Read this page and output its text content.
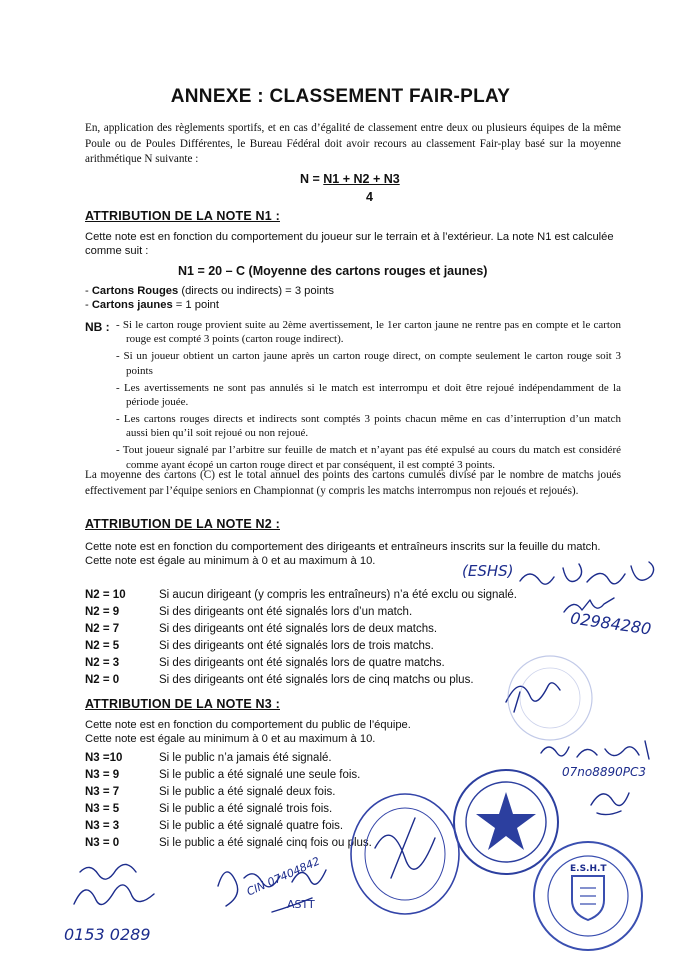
ANNEXE : CLASSEMENT FAIR-PLAY
En, application des règlements sportifs, et en cas d’égalité de classement entre deux ou plusieurs équipes de la même Poule ou de Poules Différentes, le Bureau Fédéral doit avoir recours au classement Fair-play basé sur la moyenne arithmétique N suivante :
N = N1 + N2 + N3
4
ATTRIBUTION DE LA NOTE N1 :
Cette note est en fonction du comportement du joueur sur le terrain et à l’extérieur. La note N1 est calculée comme suit :
N1 = 20 – C (Moyenne des cartons rouges et jaunes)
- Cartons Rouges (directs ou indirects) = 3 points
- Cartons jaunes = 1 point
NB : - Si le carton rouge provient suite au 2ème avertissement, le 1er carton jaune ne rentre pas en compte et le carton rouge est compté 3 points (carton rouge indirect).
- Si un joueur obtient un carton jaune après un carton rouge direct, on compte seulement le carton rouge soit 3 points
- Les avertissements ne sont pas annulés si le match est interrompu et doit être rejoué indépendamment de la période jouée.
- Les cartons rouges directs et indirects sont comptés 3 points chacun même en cas d’interruption d’un match aussi bien qu’il soit rejoué ou non rejoué.
- Tout joueur signalé par l’arbitre sur feuille de match et n’ayant pas été expulsé au cours du match est considéré comme ayant écopé un carton rouge direct et par conséquent, il est compté 3 points.
La moyenne des cartons (C) est le total annuel des points des cartons cumulés divisé par le nombre de matchs joués effectivement par l’équipe seniors en Championnat (y compris les matchs interrompus non rejoués et rejoués).
ATTRIBUTION DE LA NOTE N2 :
Cette note est en fonction du comportement des dirigeants et entraîneurs inscrits sur la feuille du match.
Cette note est égale au minimum à 0 et au maximum à 10.
N2 = 10	Si aucun dirigeant (y compris les entraîneurs) n’a été exclu ou signalé.
N2 = 9	Si des dirigeants ont été signalés lors d’un match.
N2 = 7	Si des dirigeants ont été signalés lors de deux matchs.
N2 = 5	Si des dirigeants ont été signalés lors de trois matchs.
N2 = 3	Si des dirigeants ont été signalés lors de quatre matchs.
N2 = 0	Si des dirigeants ont été signalés lors de cinq matchs ou plus.
ATTRIBUTION DE LA NOTE N3 :
Cette note est en fonction du comportement du public de l’équipe.
Cette note est égale au minimum à 0 et au maximum à 10.
N3 =10	Si le public n’a jamais été signalé.
N3 = 9	Si le public a été signalé une seule fois.
N3 = 7	Si le public a été signalé deux fois.
N3 = 5	Si le public a été signalé trois fois.
N3 = 3	Si le public a été signalé quatre fois.
N3 = 0	Si le public a été signalé cinq fois ou plus.
(ESHS)
02984280
07no8890PC3
E.S.H.T
CIN 07404842
ASTT
0153 0289
